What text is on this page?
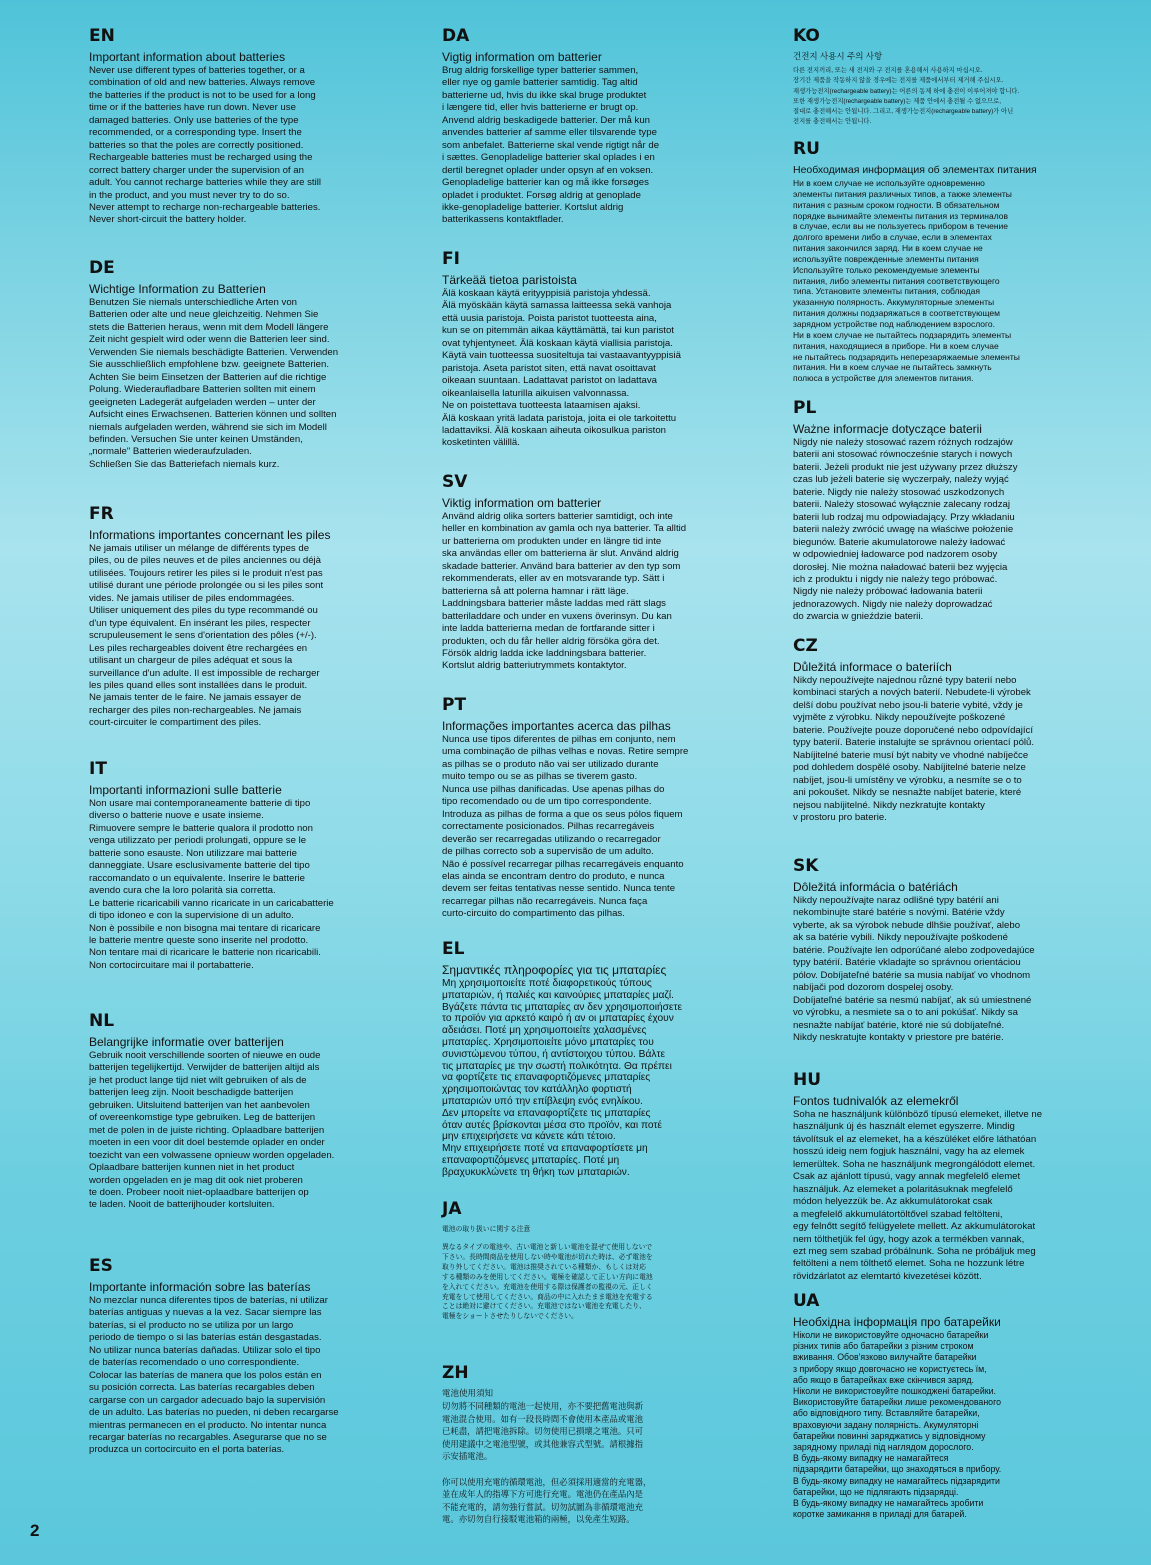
EN
Important information about batteries
Never use different types of batteries together, or a
combination of old and new batteries. Always remove
the batteries if the product is not to be used for a long
time or if the batteries have run down. Never use
damaged batteries. Only use batteries of the type
recommended, or a corresponding type. Insert the
batteries so that the poles are correctly positioned.
Rechargeable batteries must be recharged using the
correct battery charger under the supervision of an
adult. You cannot recharge batteries while they are still
in the product, and you must never try to do so.
Never attempt to recharge non-rechargeable batteries.
Never short-circuit the battery holder.
DE
Wichtige Information zu Batterien
Benutzen Sie niemals unterschiedliche Arten von
Batterien oder alte und neue gleichzeitig. Nehmen Sie
stets die Batterien heraus, wenn mit dem Modell längere
Zeit nicht gespielt wird oder wenn die Batterien leer sind.
Verwenden Sie niemals beschädigte Batterien. Verwenden
Sie ausschließlich empfohlene bzw. geeignete Batterien.
Achten Sie beim Einsetzen der Batterien auf die richtige
Polung. Wiederaufladbare Batterien sollten mit einem
geeigneten Ladegerät aufgeladen werden – unter der
Aufsicht eines Erwachsenen. Batterien können und sollten
niemals aufgeladen werden, während sie sich im Modell
befinden. Versuchen Sie unter keinen Umständen,
„normale" Batterien wiederaufzuladen.
Schließen Sie das Batteriefach niemals kurz.
FR
Informations importantes concernant les piles
Ne jamais utiliser un mélange de différents types de
piles, ou de piles neuves et de piles anciennes ou déjà
utilisées. Toujours retirer les piles si le produit n'est pas
utilisé durant une période prolongée ou si les piles sont
vides. Ne jamais utiliser de piles endommagées.
Utiliser uniquement des piles du type recommandé ou
d'un type équivalent. En insérant les piles, respecter
scrupuleusement le sens d'orientation des pôles (+/-).
Les piles rechargeables doivent être rechargées en
utilisant un chargeur de piles adéquat et sous la
surveillance d'un adulte. Il est impossible de recharger
les piles quand elles sont installées dans le produit.
Ne jamais tenter de le faire. Ne jamais essayer de
recharger des piles non-rechargeables. Ne jamais
court-circuiter le compartiment des piles.
IT
Importanti informazioni sulle batterie
Non usare mai contemporaneamente batterie di tipo
diverso o batterie nuove e usate insieme.
Rimuovere sempre le batterie qualora il prodotto non
venga utilizzato per periodi prolungati, oppure se le
batterie sono esauste. Non utilizzare mai batterie
danneggiate. Usare esclusivamente batterie del tipo
raccomandato o un equivalente. Inserire le batterie
avendo cura che la loro polarità sia corretta.
Le batterie ricaricabili vanno ricaricate in un caricabatterie
di tipo idoneo e con la supervisione di un adulto.
Non è possibile e non bisogna mai tentare di ricaricare
le batterie mentre queste sono inserite nel prodotto.
Non tentare mai di ricaricare le batterie non ricaricabili.
Non cortocircuitare mai il portabatterie.
NL
Belangrijke informatie over batterijen
Gebruik nooit verschillende soorten of nieuwe en oude
batterijen tegelijkertijd. Verwijder de batterijen altijd als
je het product lange tijd niet wilt gebruiken of als de
batterijen leeg zijn. Nooit beschadigde batterijen
gebruiken. Uitsluitend batterijen van het aanbevolen
of overeenkomstige type gebruiken. Leg de batterijen
met de polen in de juiste richting. Oplaadbare batterijen
moeten in een voor dit doel bestemde oplader en onder
toezicht van een volwassene opnieuw worden opgeladen.
Oplaadbare batterijen kunnen niet in het product
worden opgeladen en je mag dit ook niet proberen
te doen. Probeer nooit niet-oplaadbare batterijen op
te laden. Nooit de batterijhouder kortsluiten.
ES
Importante información sobre las baterías
No mezclar nunca diferentes tipos de baterías, ni utilizar
baterías antiguas y nuevas a la vez. Sacar siempre las
baterías, si el producto no se utiliza por un largo
periodo de tiempo o si las baterías están desgastadas.
No utilizar nunca baterías dañadas. Utilizar solo el tipo
de baterías recomendado o uno correspondiente.
Colocar las baterías de manera que los polos están en
su posición correcta. Las baterías recargables deben
cargarse con un cargador adecuado bajo la supervisión
de un adulto. Las baterías no pueden, ni deben recargarse
mientras permanecen en el producto. No intentar nunca
recargar baterías no recargables. Asegurarse que no se
produzca un cortocircuito en el porta baterías.
DA
Vigtig information om batterier
Brug aldrig forskellige typer batterier sammen,
eller nye og gamle batterier samtidig. Tag altid
batterierne ud, hvis du ikke skal bruge produktet
i længere tid, eller hvis batterierne er brugt op.
Anvend aldrig beskadigede batterier. Der må kun
anvendes batterier af samme eller tilsvarende type
som anbefalet. Batterierne skal vende rigtigt når de
i sættes. Genopladelige batterier skal oplades i en
dertil beregnet oplader under opsyn af en voksen.
Genopladelige batterier kan og må ikke forsøges
opladet i produktet. Forsøg aldrig at genoplade
ikke-genopladelige batterier. Kortslut aldrig
batterikassens kontaktflader.
FI
Tärkeää tietoa paristoista
Älä koskaan käytä erityyppisiä paristoja yhdessä.
Älä myöskään käytä samassa laitteessa sekä vanhoja
että uusia paristoja. Poista paristot tuotteesta aina,
kun se on pitemmän aikaa käyttämättä, tai kun paristot
ovat tyhjentyneet. Älä koskaan käytä viallisia paristoja.
Käytä vain tuotteessa suositeltuja tai vastaavantyyppisiä
paristoja. Aseta paristot siten, että navat osoittavat
oikeaan suuntaan. Ladattavat paristot on ladattava
oikeanlaisella laturilla aikuisen valvonnassa.
Ne on poistettava tuotteesta lataamisen ajaksi.
Älä koskaan yritä ladata paristoja, joita ei ole tarkoitettu
ladattaviksi. Älä koskaan aiheuta oikosulkua pariston
kosketinten välillä.
SV
Viktig information om batterier
Använd aldrig olika sorters batterier samtidigt, och inte
heller en kombination av gamla och nya batterier. Ta alltid
ur batterierna om produkten under en längre tid inte
ska användas eller om batterierna är slut. Använd aldrig
skadade batterier. Använd bara batterier av den typ som
rekommenderats, eller av en motsvarande typ. Sätt i
batterierna så att polerna hamnar i rätt läge.
Laddningsbara batterier måste laddas med rätt slags
batteriladdare och under en vuxens överinsyn. Du kan
inte ladda batterierna medan de fortfarande sitter i
produkten, och du får heller aldrig försöka göra det.
Försök aldrig ladda icke laddningsbara batterier.
Kortslut aldrig batteriutrymmets kontaktytor.
PT
Informações importantes acerca das pilhas
Nunca use tipos diferentes de pilhas em conjunto, nem
uma combinação de pilhas velhas e novas. Retire sempre
as pilhas se o produto não vai ser utilizado durante
muito tempo ou se as pilhas se tiverem gasto.
Nunca use pilhas danificadas. Use apenas pilhas do
tipo recomendado ou de um tipo correspondente.
Introduza as pilhas de forma a que os seus pólos fiquem
correctamente posicionados. Pilhas recarregáveis
deverão ser recarregadas utilizando o recarregador
de pilhas correcto sob a supervisão de um adulto.
Não é possível recarregar pilhas recarregáveis enquanto
elas ainda se encontram dentro do produto, e nunca
devem ser feitas tentativas nesse sentido. Nunca tente
recarregar pilhas não recarregáveis. Nunca faça
curto-circuito do compartimento das pilhas.
EL
Σημαντικές πληροφορίες για τις μπαταρίες
Μη χρησιμοποιείτε ποτέ διαφορετικούς τύπους
μπαταριών, ή παλιές και καινούριες μπαταρίες μαζί.
Βγάζετε πάντα τις μπαταρίες αν δεν χρησιμοποιήσετε
το προϊόν για αρκετό καιρό ή αν οι μπαταρίες έχουν
αδειάσει. Ποτέ μη χρησιμοποιείτε χαλασμένες
μπαταρίες. Χρησιμοποιείτε μόνο μπαταρίες του
συνιστώμενου τύπου, ή αντίστοιχου τύπου. Βάλτε
τις μπαταρίες με την σωστή πολικότητα. Θα πρέπει
να φορτίζετε τις επαναφορτιζόμενες μπαταρίες
χρησιμοποιώντας τον κατάλληλο φορτιστή
μπαταριών υπό την επίβλεψη ενός ενηλίκου.
Δεν μπορείτε να επαναφορτίζετε τις μπαταρίες
όταν αυτές βρίσκονται μέσα στο προϊόν, και ποτέ
μην επιχειρήσετε να κάνετε κάτι τέτοιο.
Μην επιχειρήσετε ποτέ να επαναφορτίσετε μη
επαναφορτιζόμενες μπαταρίες. Ποτέ μη
βραχυκυκλώνετε τη θήκη των μπαταριών.
JA
電池の取り扱いに関する注意
異なるタイプの電池や、古い電池と新しい電池を混ぜて使用しないで
下さい。長時間商品を使用しない時や電池が切れた時は、必ず電池を
取り外してください。電池は推奨されている種類か、もしくは対応
する種類のみを使用してください。電極を確認して正しい方向に電池
を入れてください。充電池を使用する際は保護者の監視の元、正しく
充電をして使用してください。商品の中に入れたまま電池を充電する
ことは絶対に避けてください。充電池ではない電池を充電したり、
電極をショートさせたりしないでください。
ZH
電池使用須知
切勿將不同種類的電池一起使用，亦不要把舊電池與新
電池混合使用。如有一段長時間不會使用本產品或電池
已耗盡，請把電池拆除。切勿使用已損壞之電池。只可
使用建議中之電池型號，或其他兼容式型號。請根據指
示安插電池。

你可以使用充電的循環電池，但必須採用適當的充電器，
並在成年人的指導下方可進行充電。電池仍在產品內是
不能充電的，請勿強行嘗試。切勿試圖為非循環電池充
電。亦切勿自行接駁電池箱的兩極，以免產生短路。
KO
건전지 사용시 주의 사항
다른 전지끼리, 또는 새 전지와 구 전지를 혼용해서 사용하지 마십시오.
장기간 제품을 작동하지 않을 경우에는 전지를 제품에서부터 제거해 주십시오.
재생가능전지(rechargeable battery)는 어른의 동제 하에 충전이 이루어져야 합니다.
또한 재생가능전지(rechargeable battery)는 제품 안에서 충전될 수 없으므로,
절대로 충전해서는 안됩니다. 그리고, 재생가능전지(rechargeable battery)가 아닌
전지를 충전해서는 안됩니다.
RU
Необходимая информация об элементах питания
Ни в коем случае не используйте одновременно
элементы питания различных типов, а также элементы
питания с разным сроком годности. В обязательном
порядке вынимайте элементы питания из терминалов
в случае, если вы не пользуетесь прибором в течение
долгого времени либо в случае, если в элементах
питания закончился заряд. Ни в коем случае не
используйте поврежденные элементы питания
Используйте только рекомендуемые элементы
питания, либо элементы питания соответствующего
типа. Установите элементы питания, соблюдая
указанную полярность. Аккумуляторные элементы
питания должны подзаряжаться в соответствующем
зарядном устройстве под наблюдением взрослого.
Ни в коем случае не пытайтесь подзарядить элементы
питания, находящиеся в приборе. Ни в коем случае
не пытайтесь подзарядить неперезаряжаемые элементы
питания. Ни в коем случае не пытайтесь замкнуть
полюса в устройстве для элементов питания.
PL
Ważne informacje dotyczące baterii
Nigdy nie należy stosować razem różnych rodzajów
baterii ani stosować równocześnie starych i nowych
baterii. Jeżeli produkt nie jest używany przez dłuższy
czas lub jeżeli baterie się wyczerpały, należy wyjąć
baterie. Nigdy nie należy stosować uszkodzonych
baterii. Należy stosować wyłącznie zalecany rodzaj
baterii lub rodzaj mu odpowiadający. Przy wkładaniu
baterii należy zwrócić uwagę na właściwe położenie
biegunów. Baterie akumulatorowe należy ładować
w odpowiedniej ładowarce pod nadzorem osoby
dorosłej. Nie można naładować baterii bez wyjęcia
ich z produktu i nigdy nie należy tego próbować.
Nigdy nie należy próbować ładowania baterii
jednorazowych. Nigdy nie należy doprowadzać
do zwarcia w gnieździe baterii.
CZ
Důležitá informace o bateriích
Nikdy nepoužívejte najednou různé typy baterií nebo
kombinaci starých a nových baterií. Nebudete-li výrobek
delší dobu používat nebo jsou-li baterie vybité, vždy je
vyjměte z výrobku. Nikdy nepoužívejte poškozené
baterie. Používejte pouze doporučené nebo odpovídající
typy baterií. Baterie instalujte se správnou orientací pólů.
Nabíjitelné baterie musí být nabity ve vhodné nabíječce
pod dohledem dospělé osoby. Nabíjitelné baterie nelze
nabíjet, jsou-li umístěny ve výrobku, a nesmíte se o to
ani pokoušet. Nikdy se nesnažte nabíjet baterie, které
nejsou nabíjitelné. Nikdy nezkratujte kontakty
v prostoru pro baterie.
SK
Dôležitá informácia o batériách
Nikdy nepoužívajte naraz odlišné typy batérií ani
nekombinujte staré batérie s novými. Batérie vždy
vyberte, ak sa výrobok nebude dlhšie používať, alebo
ak sa batérie vybili. Nikdy nepoužívajte poškodené
batérie. Používajte len odporúčané alebo zodpovedajúce
typy batérií. Batérie vkladajte so správnou orientáciou
pólov. Dobíjateľné batérie sa musia nabíjať vo vhodnom
nabíjači pod dozorom dospelej osoby.
Dobíjateľné batérie sa nesmú nabíjať, ak sú umiestnené
vo výrobku, a nesmiete sa o to ani pokúšať. Nikdy sa
nesnažte nabíjať batérie, ktoré nie sú dobíjateľné.
Nikdy neskratujte kontakty v priestore pre batérie.
HU
Fontos tudnivalók az elemekről
Soha ne használjunk különböző típusú elemeket, illetve ne
használjunk új és használt elemet egyszerre. Mindig
távolítsuk el az elemeket, ha a készüléket előre láthatóan
hosszú ideig nem fogjuk használni, vagy ha az elemek
lemerültek. Soha ne használjunk megrongálódott elemet.
Csak az ajánlott típusú, vagy annak megfelelő elemet
használjuk. Az elemeket a polaritásuknak megfelelő
módon helyezzük be. Az akkumulátorokat csak
a megfelelő akkumulátortöltővel szabad feltölteni,
egy felnőtt segítő felügyelete mellett. Az akkumulátorokat
nem tölthetjük fel úgy, hogy azok a termékben vannak,
ezt meg sem szabad próbálnunk. Soha ne próbáljuk meg
feltölteni a nem tölthető elemet. Soha ne hozzunk létre
rövidzárlatot az elemtartó kivezetései között.
UA
Необхідна інформація про батарейки
Ніколи не використовуйте одночасно батарейки
різних типів або батарейки з різним строком
вживання. Обов'язково вилучайте батарейки
з прибору якщо довгочасно не користуєтесь їм,
або якщо в батарейках вже скінчився заряд.
Ніколи не використовуйте пошкоджені батарейки.
Використовуйте батарейки лише рекомендованого
або відповідного типу. Вставляйте батарейки,
враховуючи задану полярність. Акумуляторні
батарейки повинні заряджатись у відповідному
зарядному приладі під наглядом дорослого.
В будь-якому випадку не намагайтеся
підзарядити батарейки, що знаходяться в прибору.
В будь-якому випадку не намагайтесь підзарядити
батарейки, що не підлягають підзарядці.
В будь-якому випадку не намагайтесь зробити
коротке замикання в приладі для батарей.
2
